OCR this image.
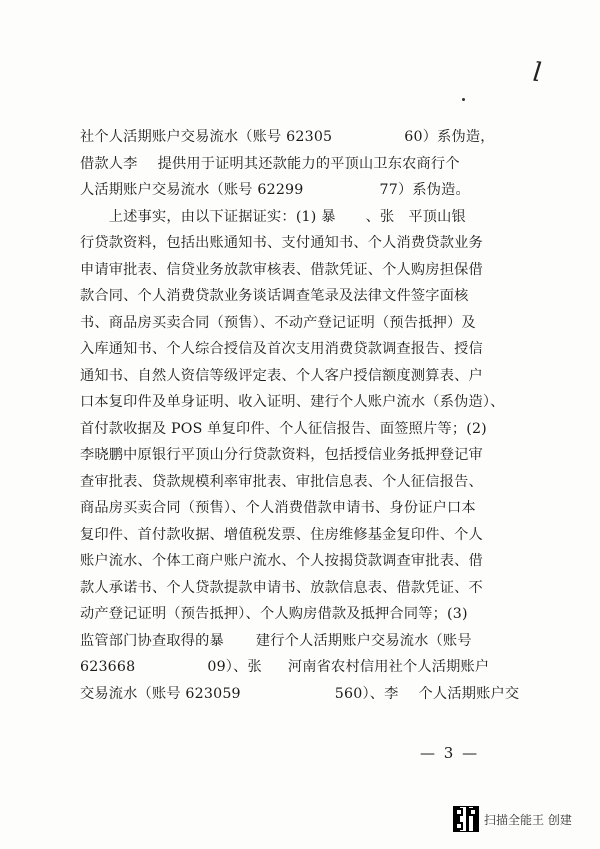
l
社个人活期账户交易流水（账号 62305	60）系伪造，
借款人李 提供用于证明其还款能力的平顶山卫东农商行个
人活期账户交易流水（账号 62299	77）系伪造。
　　上述事实，由以下证据证实：(1) 暴 、张 平顶山银
行贷款资料，包括出账通知书、支付通知书、个人消费贷款业务
申请审批表、信贷业务放款审核表、借款凭证、个人购房担保借
款合同、个人消费贷款业务谈话调查笔录及法律文件签字面核
书、商品房买卖合同（预售）、不动产登记证明（预告抵押）及
入库通知书、个人综合授信及首次支用消费贷款调查报告、授信
通知书、自然人资信等级评定表、个人客户授信额度测算表、户
口本复印件及单身证明、收入证明、建行个人账户流水（系伪造）、
首付款收据及 POS 单复印件、个人征信报告、面签照片等；(2)
李晓鹏中原银行平顶山分行贷款资料，包括授信业务抵押登记审
查审批表、贷款规模利率审批表、审批信息表、个人征信报告、
商品房买卖合同（预售）、个人消费借款申请书、身份证户口本
复印件、首付款收据、增值税发票、住房维修基金复印件、个人
账户流水、个体工商户账户流水、个人按揭贷款调查审批表、借
款人承诺书、个人贷款提款申请书、放款信息表、借款凭证、不
动产登记证明（预告抵押）、个人购房借款及抵押合同等；(3)
监管部门协查取得的暴 建行个人活期账户交易流水（账号
623668	09）、张 河南省农村信用社个人活期账户
交易流水（账号 623059	560）、李 个人活期账户交
— 3 —
扫描全能王 创建
